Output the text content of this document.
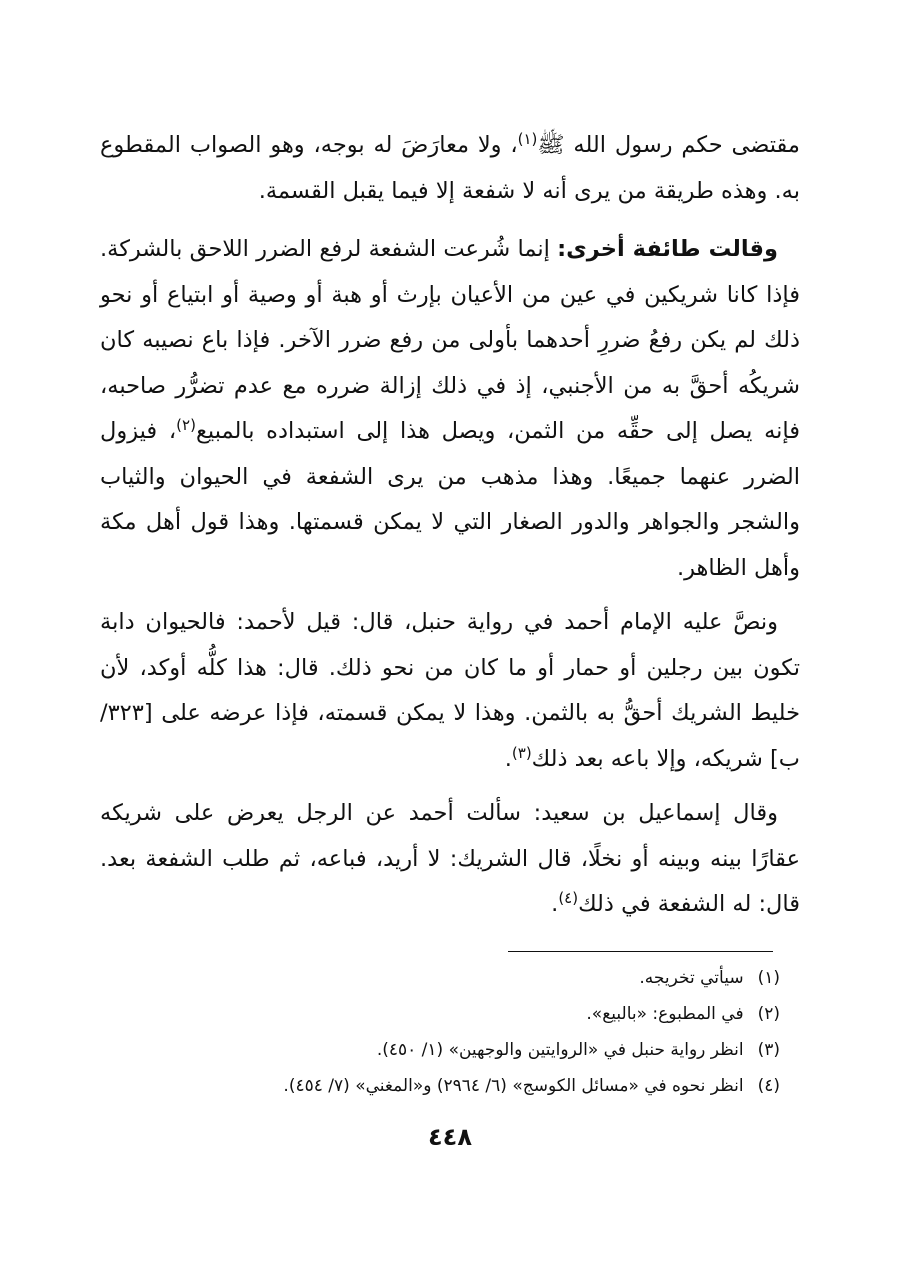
مقتضى حكم رسول الله ﷺ$^{(١)}$، ولا معارَضَ له بوجه، وهو الصواب المقطوع به. وهذه طريقة من يرى أنه لا شفعة إلا فيما يقبل القسمة.

وقالت طائفة أخرى: إنما شُرعت الشفعة لرفع الضرر اللاحق بالشركة. فإذا كانا شريكين في عين من الأعيان بإرث أو هبة أو وصية أو ابتياع أو نحو ذلك لم يكن رفعُ ضررِ أحدهما بأولى من رفع ضرر الآخر. فإذا باع نصيبه كان شريكُه أحقَّ به من الأجنبي، إذ في ذلك إزالة ضرره مع عدم تضرُّر صاحبه، فإنه يصل إلى حقِّه من الثمن، ويصل هذا إلى استبداده بالمبيع$^{(٢)}$، فيزول الضرر عنهما جميعًا. وهذا مذهب من يرى الشفعة في الحيوان والثياب والشجر والجواهر والدور الصغار التي لا يمكن قسمتها. وهذا قول أهل مكة وأهل الظاهر.

ونصَّ عليه الإمام أحمد في رواية حنبل، قال: قيل لأحمد: فالحيوان دابة تكون بين رجلين أو حمار أو ما كان من نحو ذلك. قال: هذا كلُّه أوكد، لأن خليط الشريك أحقُّ به بالثمن. وهذا لا يمكن قسمته، فإذا عرضه على [٣٢٣/ ب] شريكه، وإلا باعه بعد ذلك$^{(٣)}$.

وقال إسماعيل بن سعيد: سألت أحمد عن الرجل يعرض على شريكه عقارًا بينه وبينه أو نخلًا، قال الشريك: لا أريد، فباعه، ثم طلب الشفعة بعد. قال: له الشفعة في ذلك$^{(٤)}$.

(١)سيأتي تخريجه.
(٢)في المطبوع: «بالبيع».
(٣)انظر رواية حنبل في «الروايتين والوجهين» (١/ ٤٥٠).
(٤)انظر نحوه في «مسائل الكوسج» (٦/ ٢٩٦٤) و«المغني» (٧/ ٤٥٤).
٤٤٨
